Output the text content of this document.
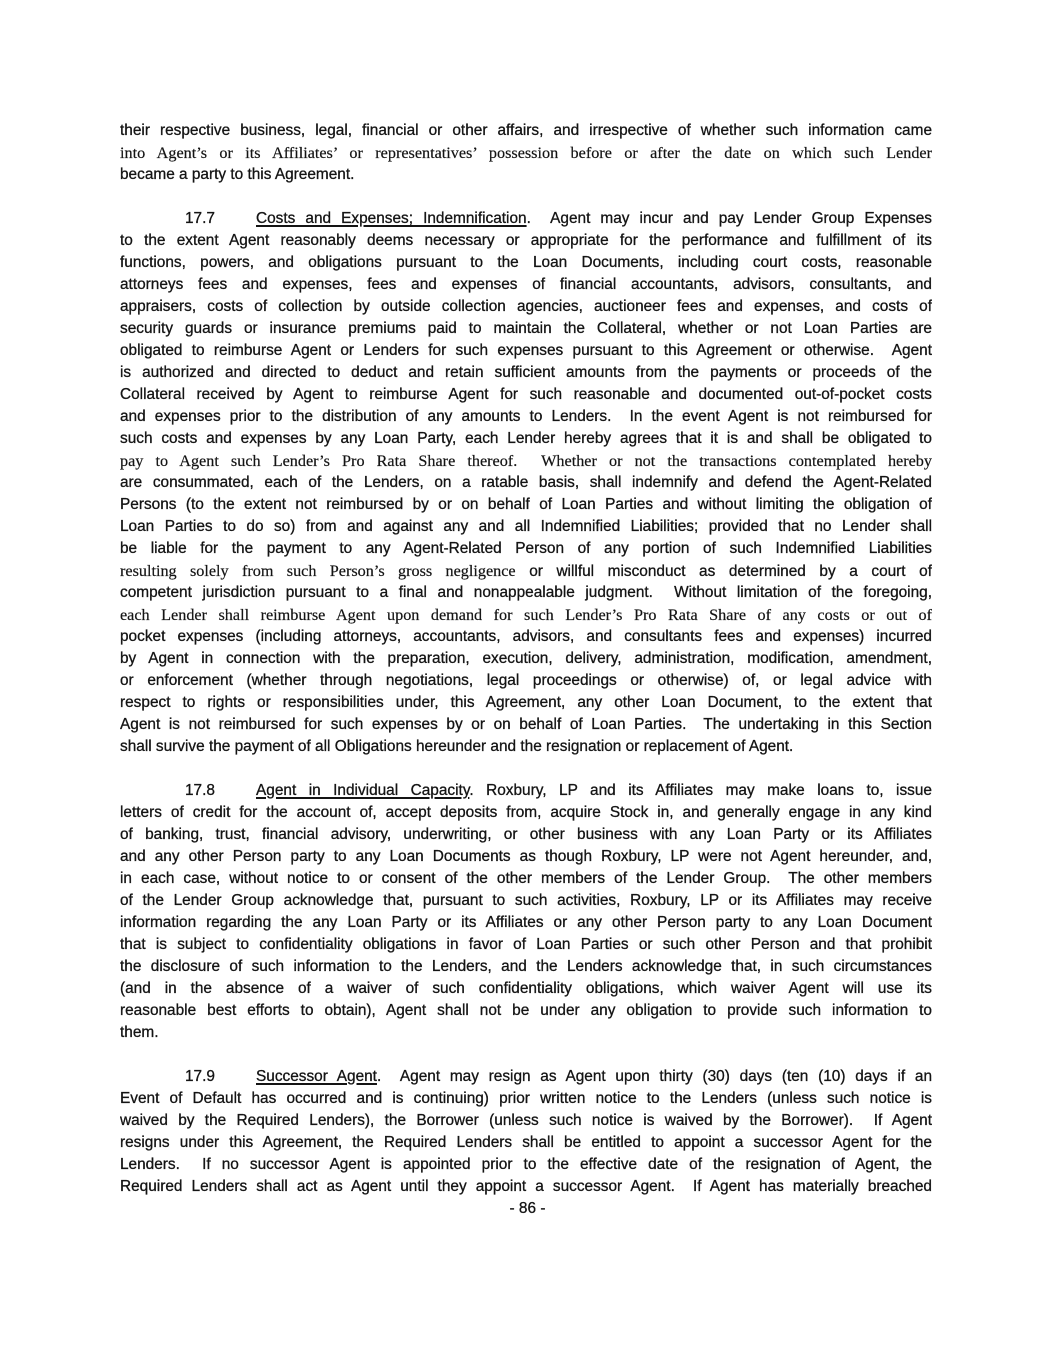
their respective business, legal, financial or other affairs, and irrespective of whether such information came
into Agent’s or its Affiliates’ or representatives’ possession before or after the date on which such Lender
became a party to this Agreement.
17.7	Costs and Expenses; Indemnification.  Agent may incur and pay Lender Group Expenses
to the extent Agent reasonably deems necessary or appropriate for the performance and fulfillment of its
functions, powers, and obligations pursuant to the Loan Documents, including court costs, reasonable
attorneys fees and expenses, fees and expenses of financial accountants, advisors, consultants, and
appraisers, costs of collection by outside collection agencies, auctioneer fees and expenses, and costs of
security guards or insurance premiums paid to maintain the Collateral, whether or not Loan Parties are
obligated to reimburse Agent or Lenders for such expenses pursuant to this Agreement or otherwise.  Agent
is authorized and directed to deduct and retain sufficient amounts from the payments or proceeds of the
Collateral received by Agent to reimburse Agent for such reasonable and documented out-of-pocket costs
and expenses prior to the distribution of any amounts to Lenders.  In the event Agent is not reimbursed for
such costs and expenses by any Loan Party, each Lender hereby agrees that it is and shall be obligated to
pay to Agent such Lender’s Pro Rata Share thereof.  Whether or not the transactions contemplated hereby
are consummated, each of the Lenders, on a ratable basis, shall indemnify and defend the Agent-Related
Persons (to the extent not reimbursed by or on behalf of Loan Parties and without limiting the obligation of
Loan Parties to do so) from and against any and all Indemnified Liabilities; provided that no Lender shall
be liable for the payment to any Agent-Related Person of any portion of such Indemnified Liabilities
resulting solely from such Person’s gross negligence or willful misconduct as determined by a court of
competent jurisdiction pursuant to a final and nonappealable judgment.  Without limitation of the foregoing,
each Lender shall reimburse Agent upon demand for such Lender’s Pro Rata Share of any costs or out of
pocket expenses (including attorneys, accountants, advisors, and consultants fees and expenses) incurred
by Agent in connection with the preparation, execution, delivery, administration, modification, amendment,
or enforcement (whether through negotiations, legal proceedings or otherwise) of, or legal advice with
respect to rights or responsibilities under, this Agreement, any other Loan Document, to the extent that
Agent is not reimbursed for such expenses by or on behalf of Loan Parties.  The undertaking in this Section
shall survive the payment of all Obligations hereunder and the resignation or replacement of Agent.
17.8	Agent in Individual Capacity. Roxbury, LP and its Affiliates may make loans to, issue
letters of credit for the account of, accept deposits from, acquire Stock in, and generally engage in any kind
of banking, trust, financial advisory, underwriting, or other business with any Loan Party or its Affiliates
and any other Person party to any Loan Documents as though Roxbury, LP were not Agent hereunder, and,
in each case, without notice to or consent of the other members of the Lender Group.  The other members
of the Lender Group acknowledge that, pursuant to such activities, Roxbury, LP or its Affiliates may receive
information regarding the any Loan Party or its Affiliates or any other Person party to any Loan Document
that is subject to confidentiality obligations in favor of Loan Parties or such other Person and that prohibit
the disclosure of such information to the Lenders, and the Lenders acknowledge that, in such circumstances
(and in the absence of a waiver of such confidentiality obligations, which waiver Agent will use its
reasonable best efforts to obtain), Agent shall not be under any obligation to provide such information to
them.
17.9	Successor Agent.  Agent may resign as Agent upon thirty (30) days (ten (10) days if an
Event of Default has occurred and is continuing) prior written notice to the Lenders (unless such notice is
waived by the Required Lenders), the Borrower (unless such notice is waived by the Borrower).  If Agent
resigns under this Agreement, the Required Lenders shall be entitled to appoint a successor Agent for the
Lenders.  If no successor Agent is appointed prior to the effective date of the resignation of Agent, the
Required Lenders shall act as Agent until they appoint a successor Agent.  If Agent has materially breached
- 86 -
